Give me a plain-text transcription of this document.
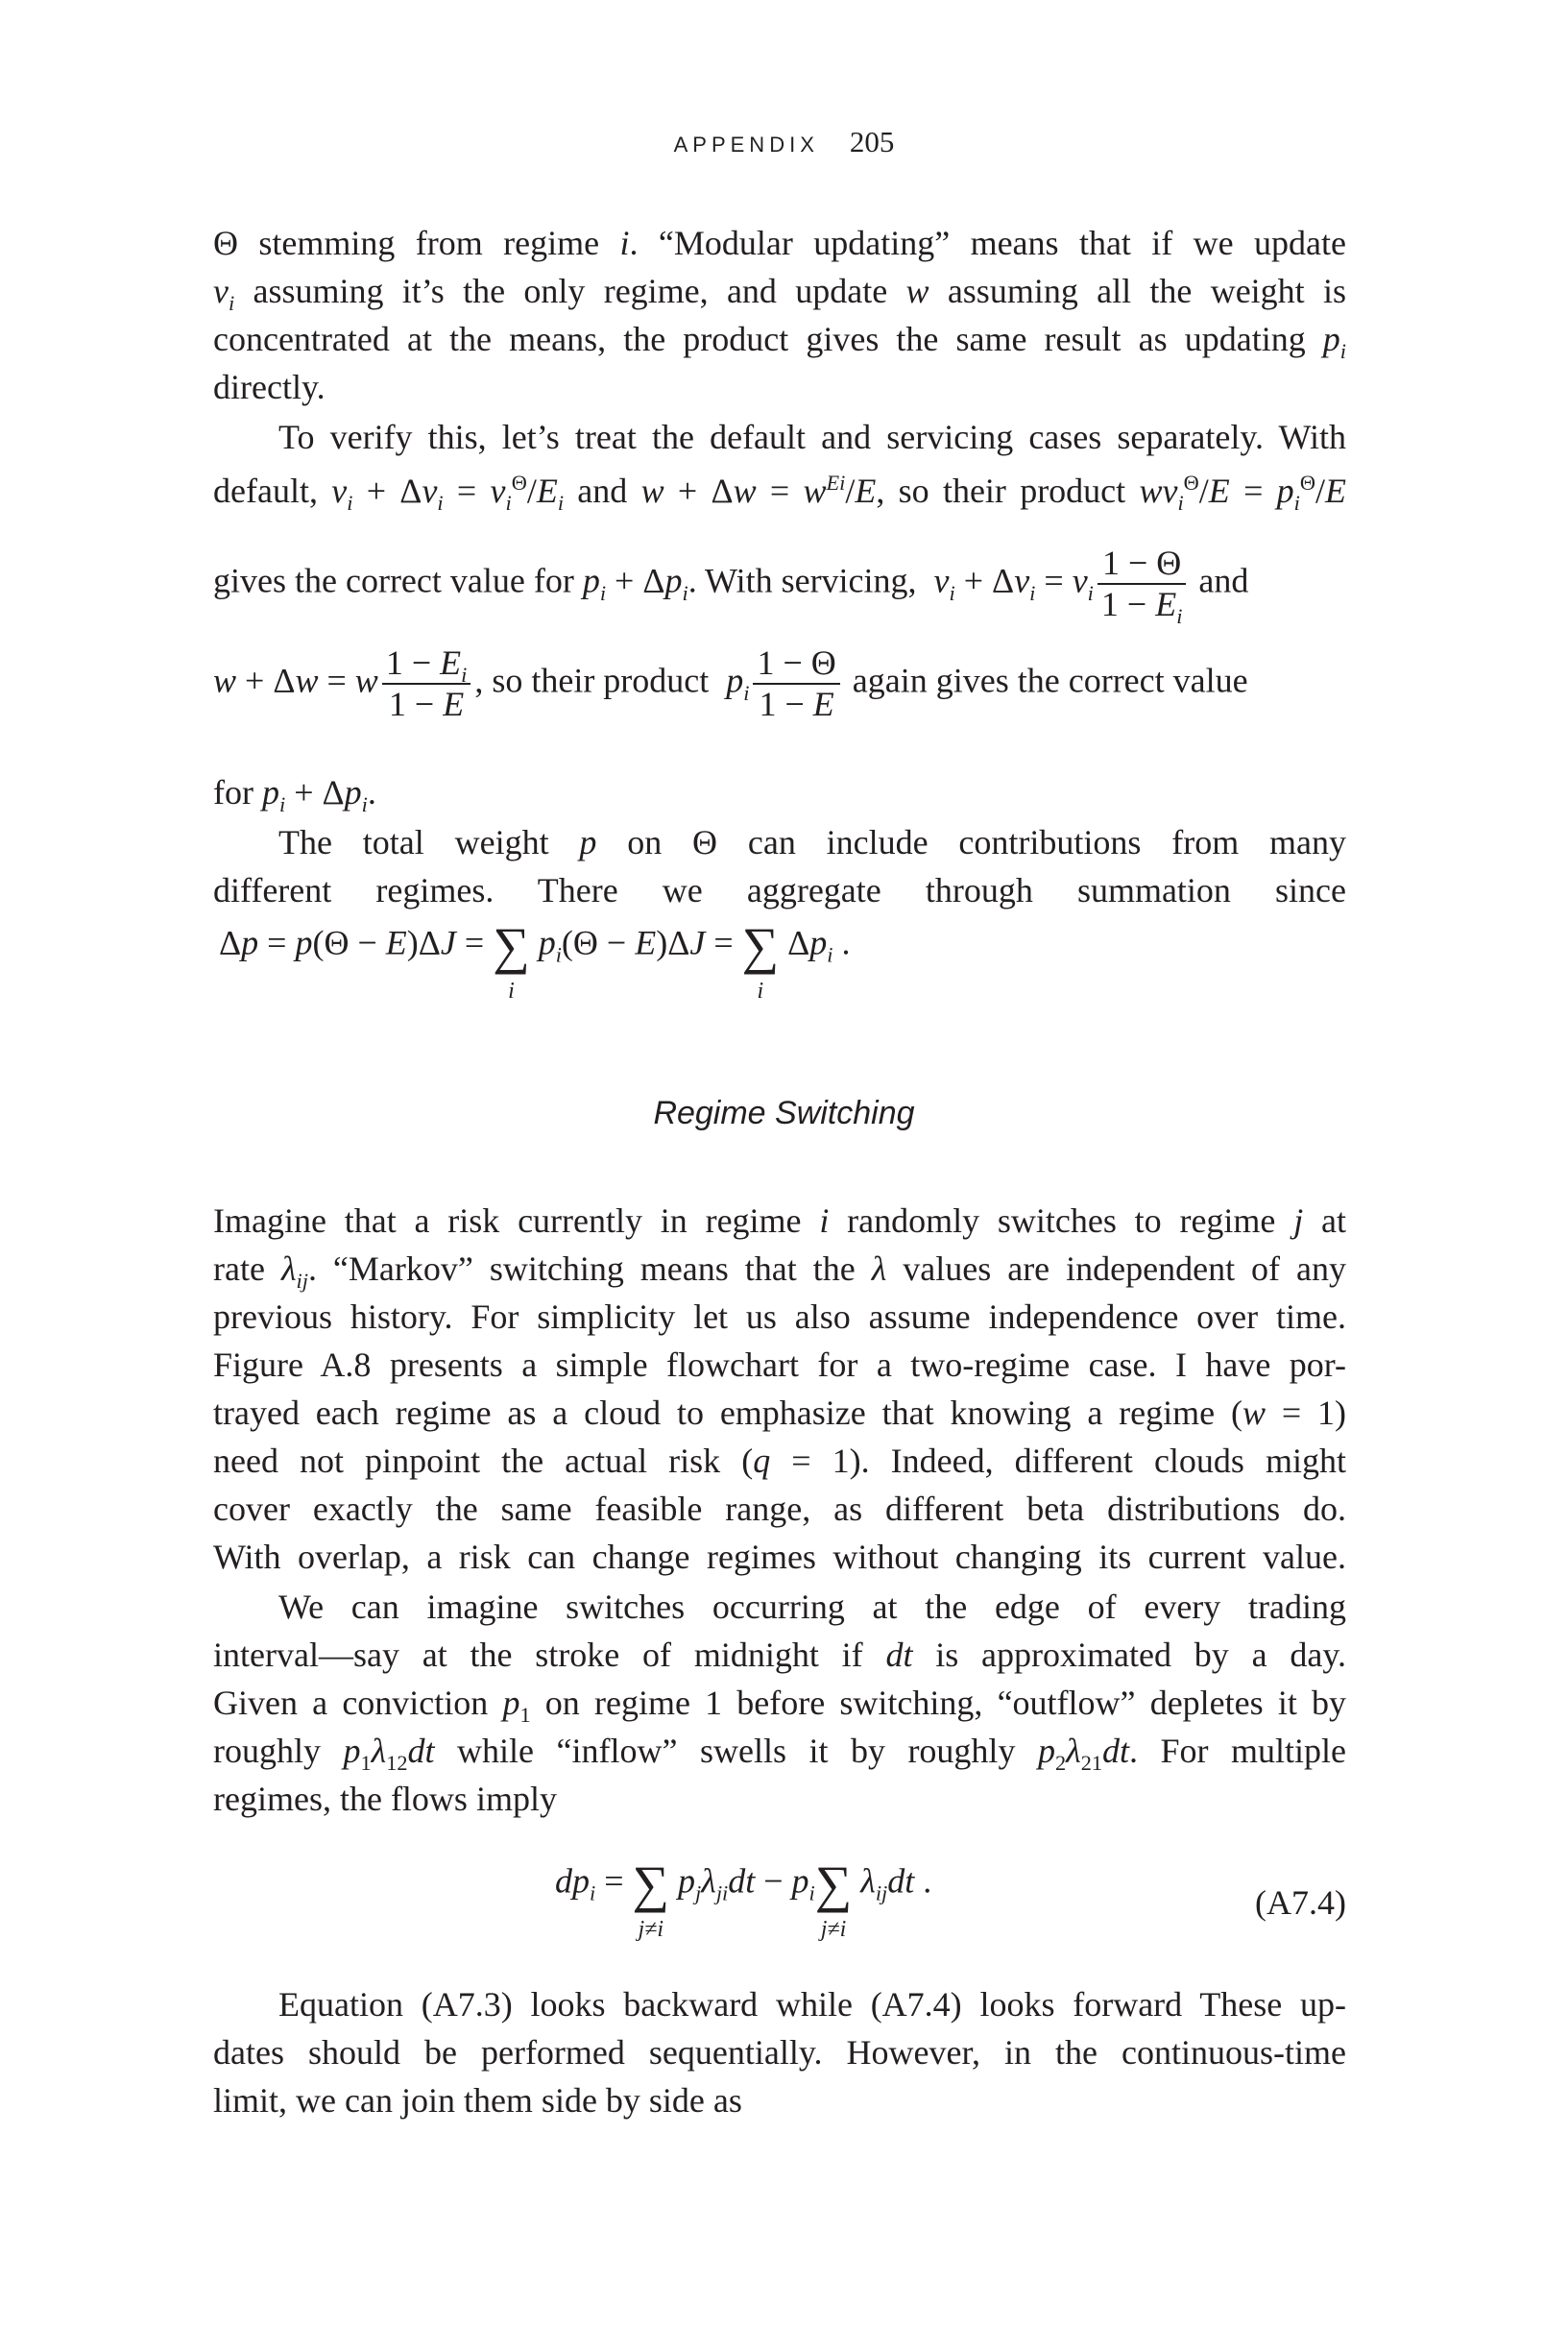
APPENDIX 205
Θ stemming from regime i. “Modular updating” means that if we update
$v_i$ assuming it’s the only regime, and update w assuming all the weight is
concentrated at the means, the product gives the same result as updating $p_i$
directly.
To verify this, let’s treat the default and servicing cases separately. With
default, $v_i + \Delta v_i = v_i^\Theta/E_i$ and $w + \Delta w = w^{Ei}/E$, so their product $wv_i^\Theta/E = p_i^\Theta/E$
gives the correct value for $p_i + \Delta p_i$. With servicing,  $v_i + \Delta v_i = v_i \frac{1 - \Theta}{1 - E_i}$ and
w + Δw = w $\frac{1 - E_i}{1 - E}$ , so their product  $p_i \frac{1 - \Theta}{1 - E}$ again gives the correct value
for $p_i + \Delta p_i$.
The total weight p on Θ can include contributions from many
different regimes. There we aggregate through summation since
Δp = p(Θ − E)ΔJ = ∑
i
$p_i(\Theta - E)\Delta J$ = ∑
i
$\Delta p_i$ .
Regime Switching
Imagine that a risk currently in regime i randomly switches to regime j at
rate $\lambda_{ij}$. “Markov” switching means that the λ values are independent of any
previous history. For simplicity let us also assume independence over time.
Figure A.8 presents a simple flowchart for a two-regime case. I have por-
trayed each regime as a cloud to emphasize that knowing a regime (w = 1)
need not pinpoint the actual risk (q = 1). Indeed, different clouds might
cover exactly the same feasible range, as different beta distributions do.
With overlap, a risk can change regimes without changing its current value.
We can imagine switches occurring at the edge of every trading
interval—say at the stroke of midnight if dt is approximated by a day.
Given a conviction $p_1$ on regime 1 before switching, “outflow” depletes it by
roughly $p_1\lambda_{12}dt$ while “inflow” swells it by roughly $p_2\lambda_{21}dt$. For multiple
regimes, the flows imply
$dp_i$ = ∑
j≠i
$p_j\lambda_{ji}dt - p_i\sum$
j≠i
$\lambda_{ij}dt$ .
(A7.4)
Equation (A7.3) looks backward while (A7.4) looks forward These up-
dates should be performed sequentially. However, in the continuous-time
limit, we can join them side by side as
